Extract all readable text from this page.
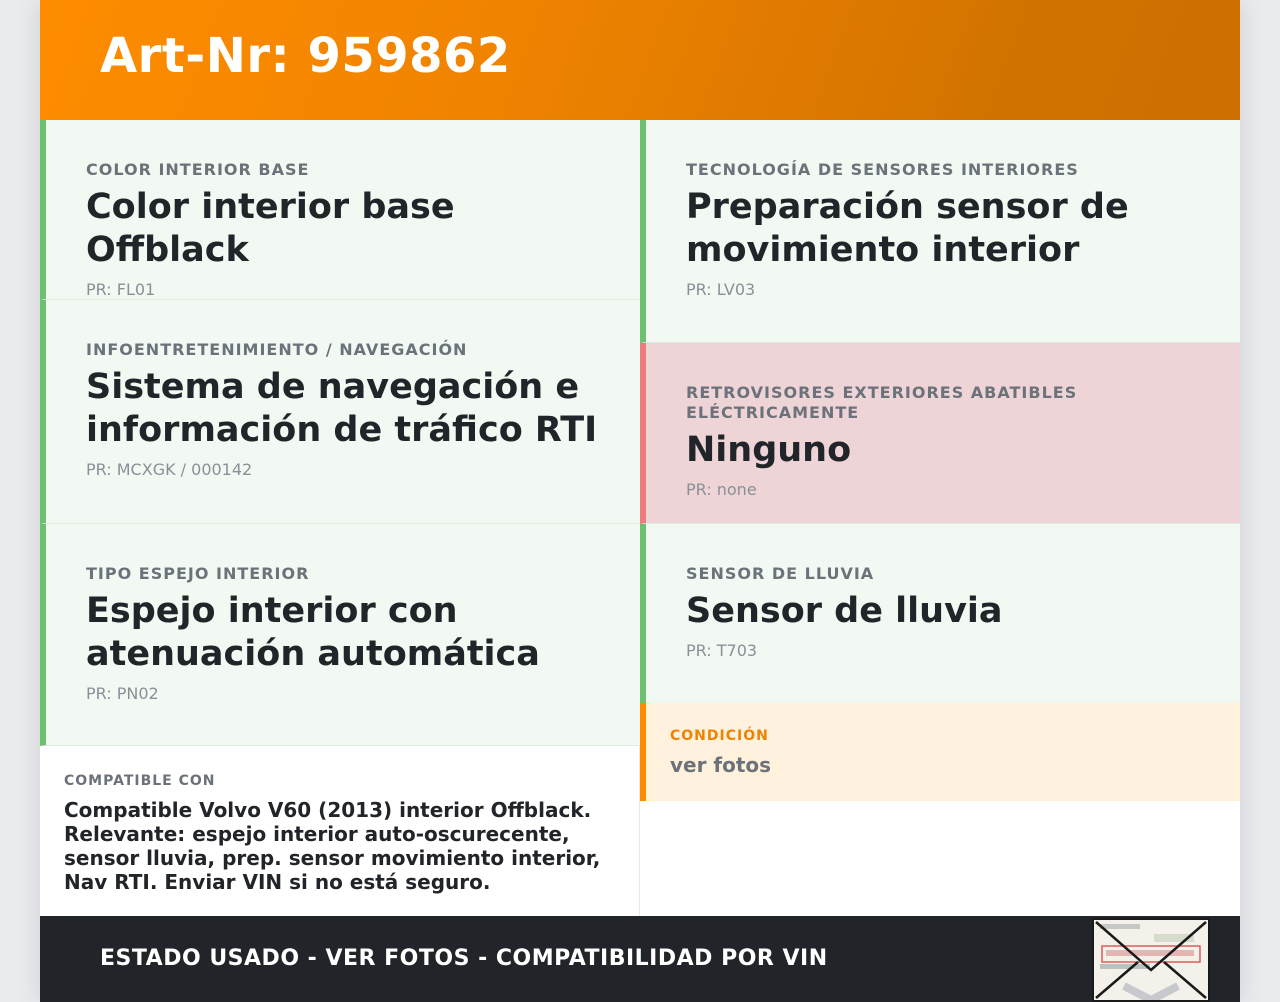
Art-Nr: 959862
COLOR INTERIOR BASE
Color interior base Offblack
PR: FL01
INFOENTRETENIMIENTO / NAVEGACIÓN
Sistema de navegación e información de tráfico RTI
PR: MCXGK / 000142
TIPO ESPEJO INTERIOR
Espejo interior con atenuación automática
PR: PN02
TECNOLOGÍA DE SENSORES INTERIORES
Preparación sensor de movimiento interior
PR: LV03
RETROVISORES EXTERIORES ABATIBLES ELÉCTRICAMENTE
Ninguno
PR: none
SENSOR DE LLUVIA
Sensor de lluvia
PR: T703
CONDICIÓN
ver fotos
COMPATIBLE CON
Compatible Volvo V60 (2013) interior Offblack. Relevante: espejo interior auto-oscurecente, sensor lluvia, prep. sensor movimiento interior, Nav RTI. Enviar VIN si no está seguro.
ESTADO USADO - VER FOTOS - COMPATIBILIDAD POR VIN
